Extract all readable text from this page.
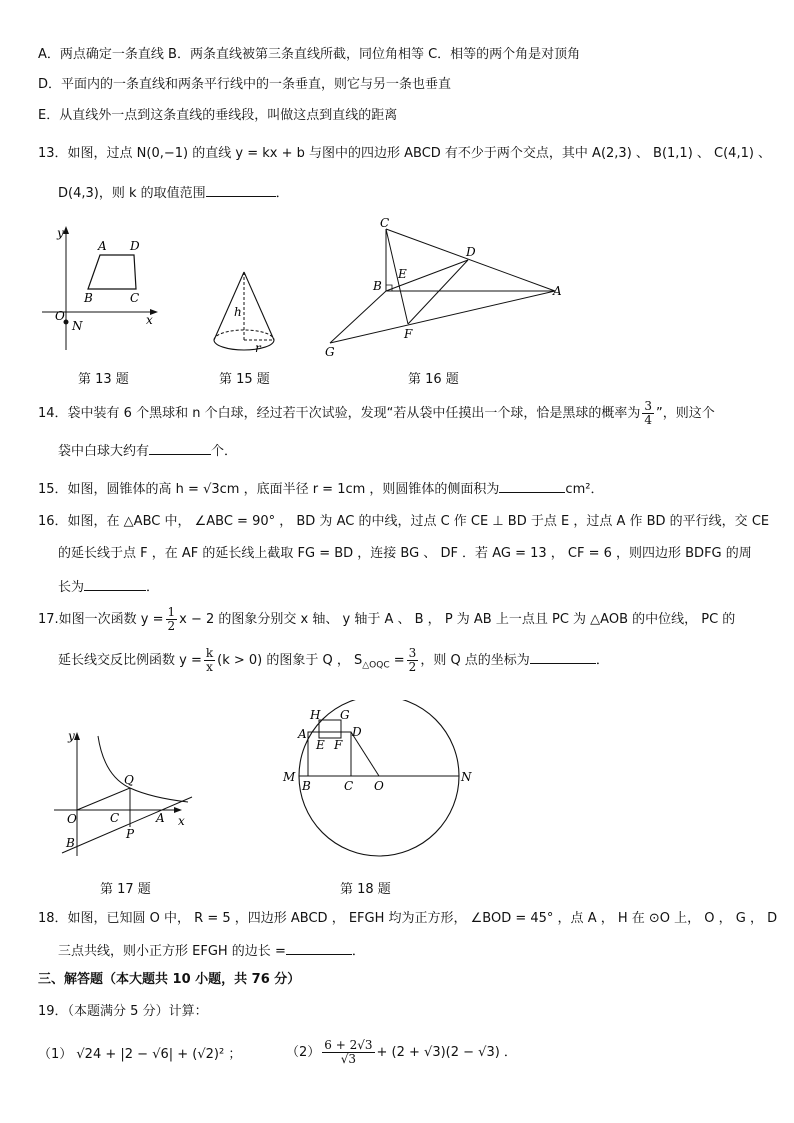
A．两点确定一条直线 B．两条直线被第三条直线所截，同位角相等 C．相等的两个角是对顶角
D．平面内的一条直线和两条平行线中的一条垂直，则它与另一条也垂直
E．从直线外一点到这条直线的垂线段，叫做这点到直线的距离
13．如图，过点 N(0,−1) 的直线 y = kx + b 与图中的四边形 ABCD 有不少于两个交点，其中 A(2,3) 、 B(1,1) 、 C(4,1) 、
D(4,3)，则 k 的取值范围	．
y
x
O
N
A D
B	C
第 13 题
h
r
第 15 题
C
D
B
E
A
F
G
第 16 题
14．袋中装有 6 个黑球和 n 个白球，经过若干次试验，发现“若从袋中任摸出一个球，恰是黑球的概率为 $\frac{3}{4}$ ”，则这个
袋中白球大约有	个．
15．如图，圆锥体的高 h = √3cm ，底面半径 r = 1cm ，则圆锥体的侧面积为	cm²．
16．如图，在 △ABC 中， ∠ABC = 90° ， BD 为 AC 的中线，过点 C 作 CE ⊥ BD 于点 E ，过点 A 作 BD 的平行线，交 CE
的延长线于点 F ，在 AF 的延长线上截取 FG = BD ，连接 BG 、 DF ．若 AG = 13 ， CF = 6 ，则四边形 BDFG 的周
长为	．
17.如图一次函数 $y = \frac{1}{2}$ x − 2 的图象分别交 x 轴、 y 轴于 A 、 B ， P 为 AB 上一点且 PC 为 △AOB 的中位线， PC 的
延长线交反比例函数 $y = \frac{k}{x} (k > 0)$ 的图象于 Q ， $S_{\triangle OQC} = \frac{3}{2}$ ，则 Q 点的坐标为	．
y
x
O	C	A
Q
P
B
第 17 题
H G
A
E F
D
M
B	C O
N
第 18 题
18．如图，已知圆 O 中， R = 5 ，四边形 ABCD ， EFGH 均为正方形， ∠BOD = 45° ，点 A ， H 在 ⊙O 上， O ， G ， D
三点共线，则小正方形 EFGH 的边长 =	．
三、解答题（本大题共 10 小题，共 76 分）
19．（本题满分 5 分）计算：
（1） √24 + |2 − √6| + (√2)² ；	$(2) \frac{6 + 2√3}{√3} + (2 + √3)(2 - √3)$ ．
